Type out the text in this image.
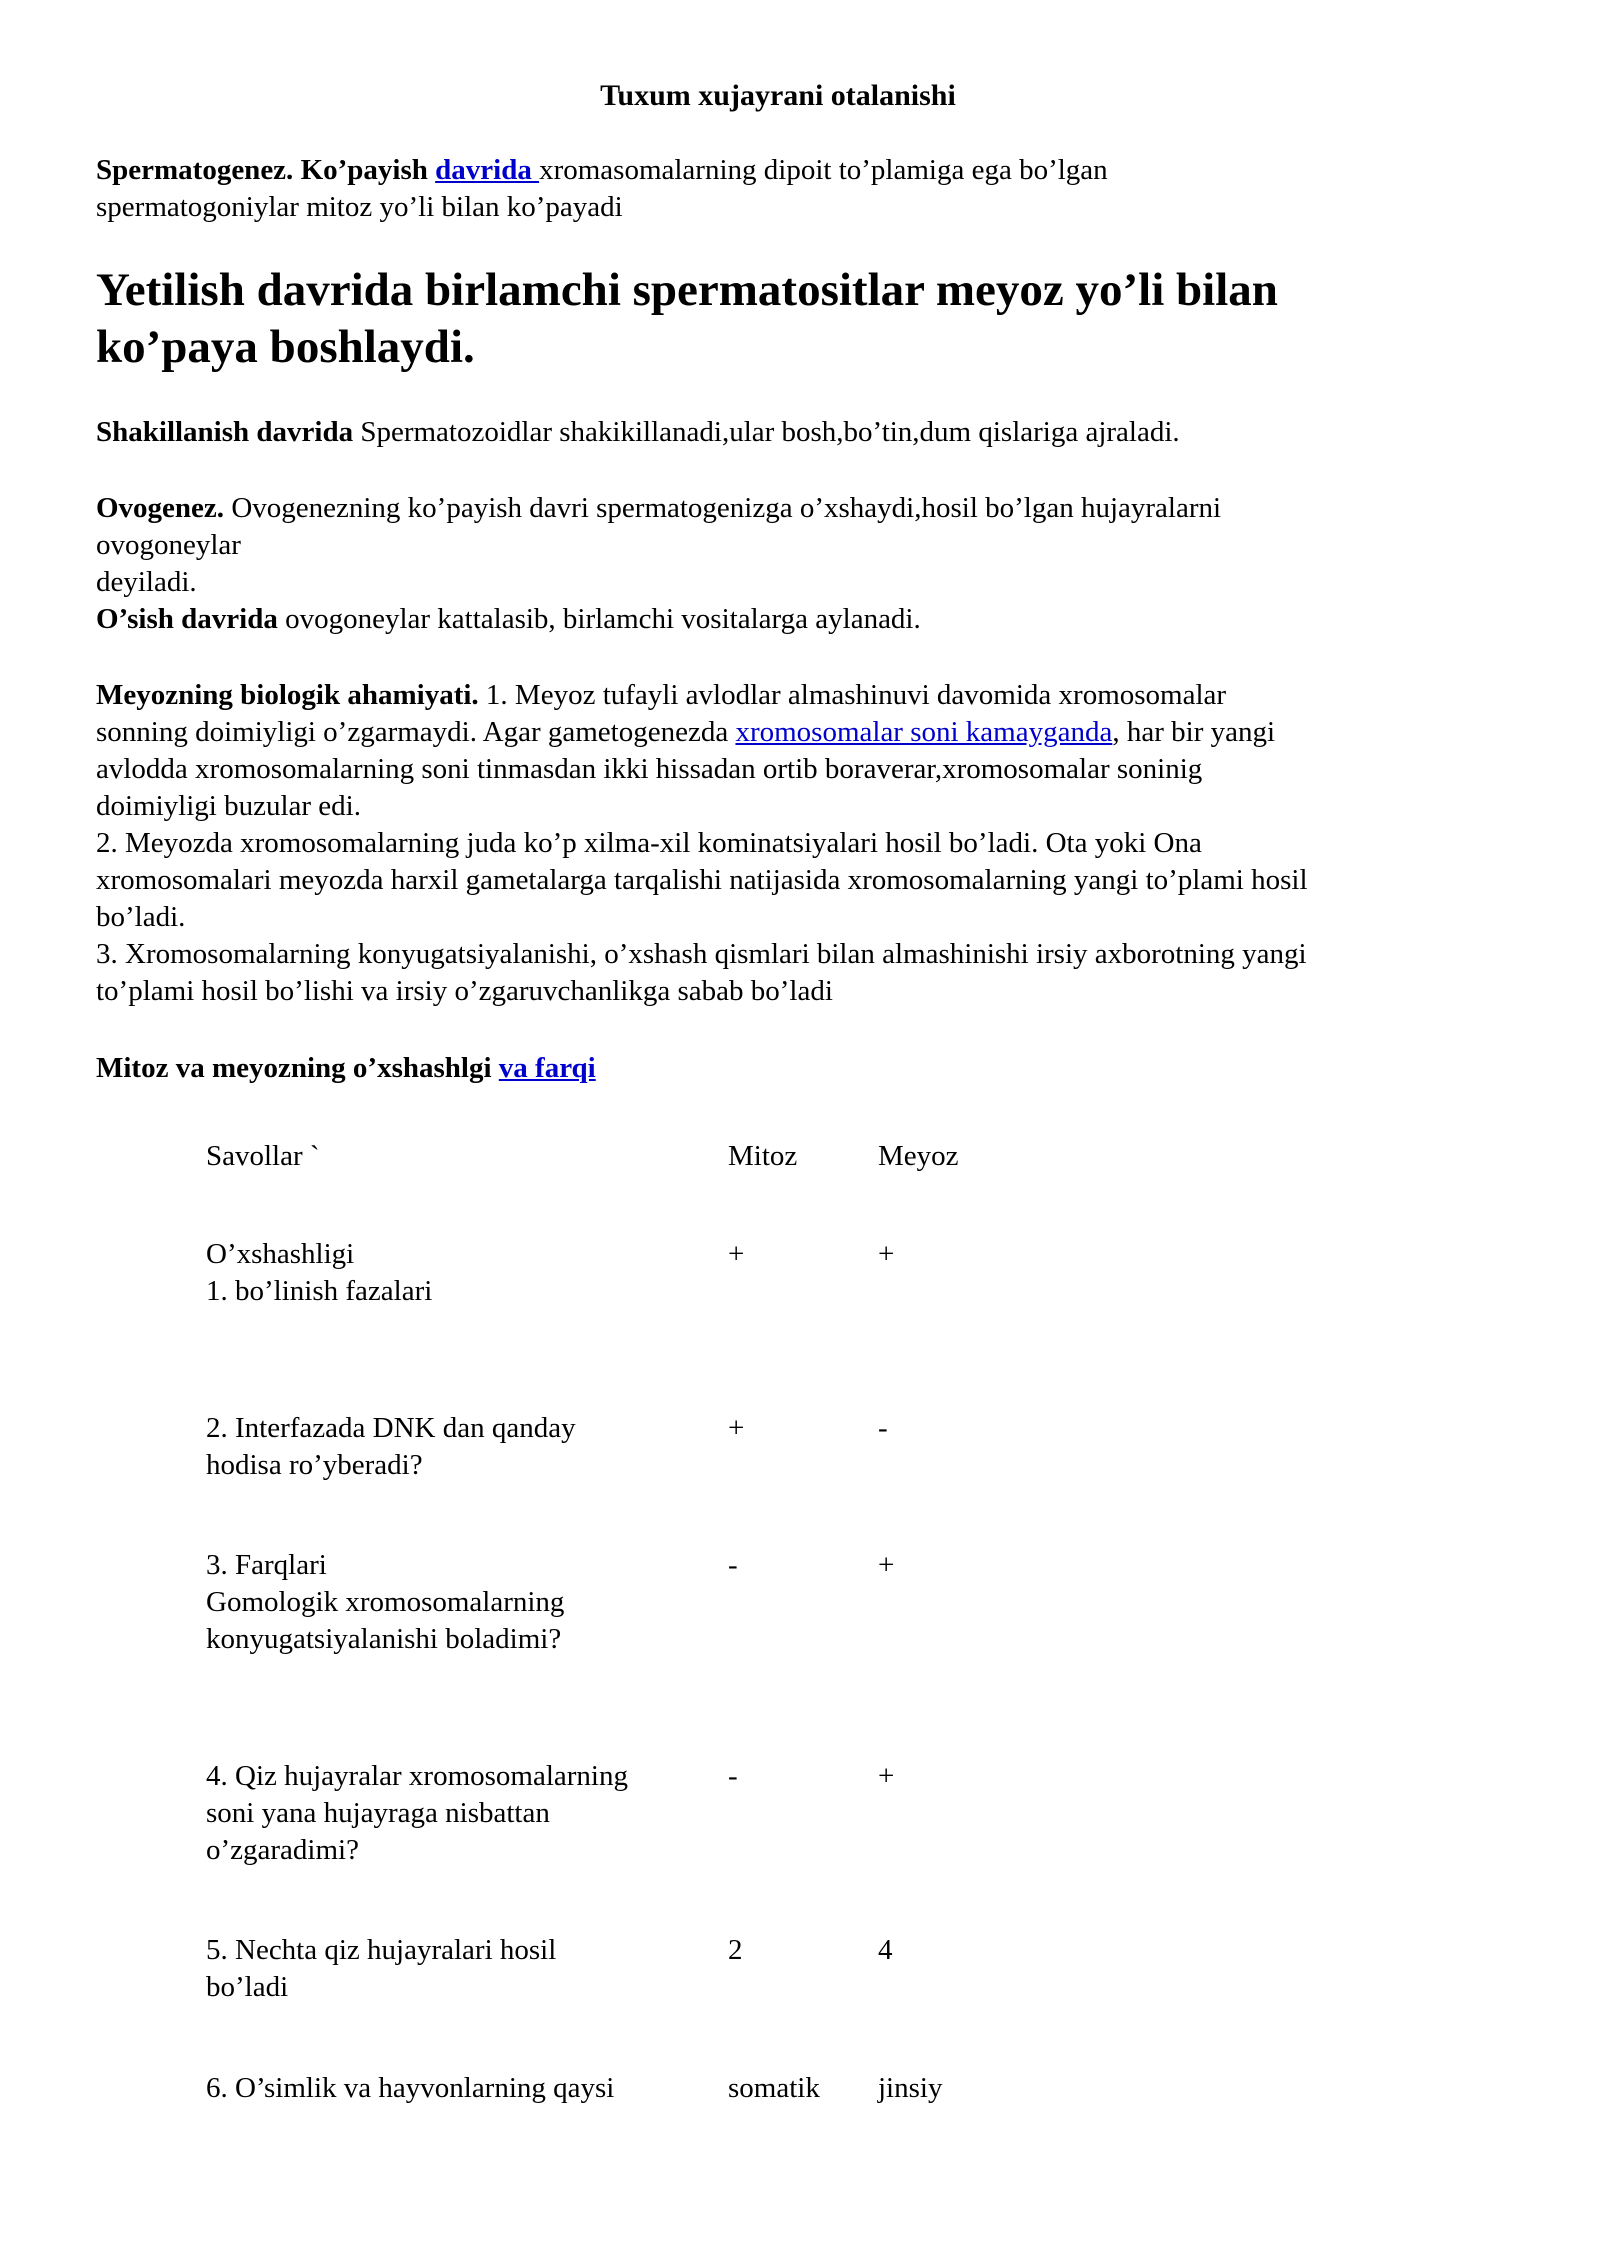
Tuxum xujayrani otalanishi
Spermatogenez. Ko’payish davrida xromasomalarning dipoit to’plamiga ega bo’lgan
spermatogoniylar mitoz yo’li bilan ko’payadi
Yetilish davrida birlamchi spermatositlar meyoz yo’li bilan
ko’paya boshlaydi.
Shakillanish davrida Spermatozoidlar shakikillanadi,ular bosh,bo’tin,dum qislariga ajraladi.
Ovogenez. Ovogenezning ko’payish davri spermatogenizga o’xshaydi,hosil bo’lgan hujayralarni
ovogoneylar
deyiladi.
O’sish davrida ovogoneylar kattalasib, birlamchi vositalarga aylanadi.
Meyozning biologik ahamiyati. 1. Meyoz tufayli avlodlar almashinuvi davomida xromosomalar
sonning doimiyligi o’zgarmaydi. Agar gametogenezda xromosomalar soni kamayganda, har bir yangi
avlodda xromosomalarning soni tinmasdan ikki hissadan ortib boraverar,xromosomalar soninig
doimiyligi buzular edi.
2. Meyozda xromosomalarning juda ko’p xilma-xil kominatsiyalari hosil bo’ladi. Ota yoki Ona
xromosomalari meyozda harxil gametalarga tarqalishi natijasida xromosomalarning yangi to’plami hosil
bo’ladi.
3. Xromosomalarning konyugatsiyalanishi, o’xshash qismlari bilan almashinishi irsiy axborotning yangi
to’plami hosil bo’lishi va irsiy o’zgaruvchanlikga sabab bo’ladi
Mitoz va meyozning o’xshashlgi va farqi
Savollar `	Mitoz	Meyoz
O’xshashligi
1. bo’linish fazalari
+	+
2. Interfazada DNK dan qanday
hodisa ro’yberadi?
+	-
3. Farqlari
Gomologik xromosomalarning
konyugatsiyalanishi boladimi?
-	+
4. Qiz hujayralar xromosomalarning
soni yana hujayraga nisbattan
o’zgaradimi?
-	+
5. Nechta qiz hujayralari hosil
bo’ladi
2	4
6. O’simlik va hayvonlarning qaysi	somatik	jinsiy
